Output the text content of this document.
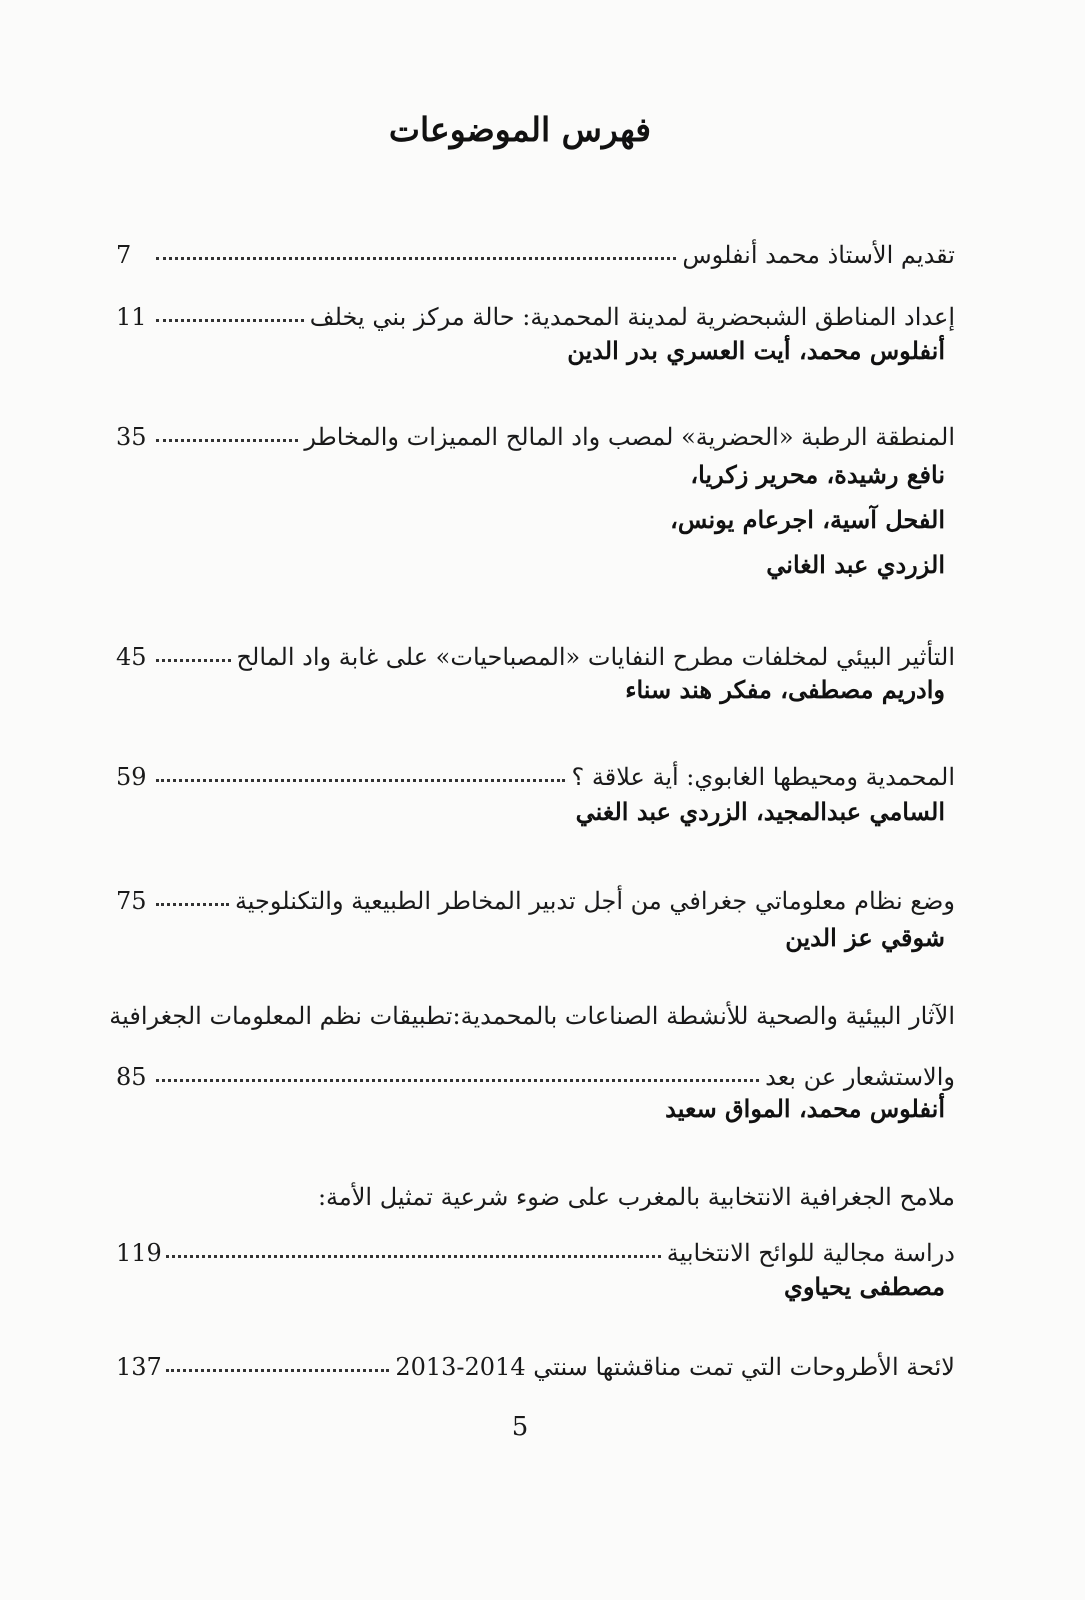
فهرس الموضوعات
تقديم الأستاذ محمد أنفلوس
7
إعداد المناطق الشبحضرية لمدينة المحمدية: حالة مركز بني يخلف
11
أنفلوس محمد، أيت العسري بدر الدين
المنطقة الرطبة «الحضرية» لمصب واد المالح المميزات والمخاطر
35
نافع رشيدة، محرير زكريا،
الفحل آسية، اجرعام يونس،
الزردي عبد الغاني
التأثير البيئي لمخلفات مطرح النفايات «المصباحيات» على غابة واد المالح
45
وادريم مصطفى، مفكر هند سناء
المحمدية ومحيطها الغابوي: أية علاقة ؟
59
السامي عبدالمجيد، الزردي عبد الغني
وضع نظام معلوماتي جغرافي من أجل تدبير المخاطر الطبيعية والتكنلوجية
75
شوقي عز الدين
الآثار البيئية والصحية للأنشطة الصناعات بالمحمدية:تطبيقات نظم المعلومات الجغرافية
والاستشعار عن بعد
85
أنفلوس محمد، المواق سعيد
ملامح الجغرافية الانتخابية بالمغرب على ضوء شرعية تمثيل الأمة:
دراسة مجالية للوائح الانتخابية
119
مصطفى يحياوي
لائحة الأطروحات التي تمت مناقشتها سنتي 2014-2013
137
5
